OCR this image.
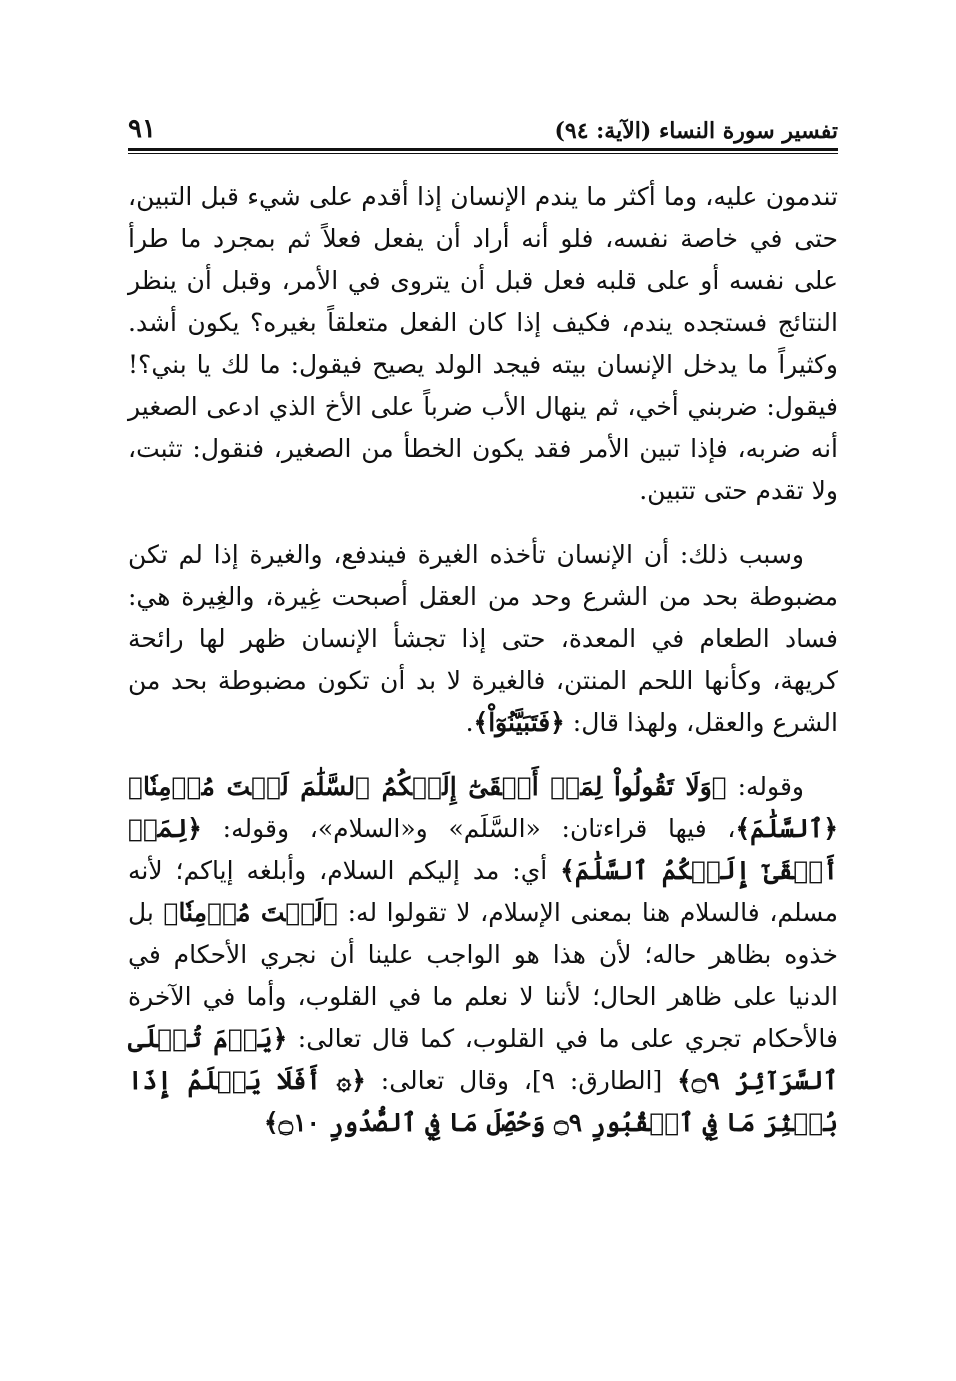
تفسير سورة النساء (الآية: ٩٤)
٩١

تندمون عليه، وما أكثر ما يندم الإنسان إذا أقدم على شيء قبل التبين، حتى في خاصة نفسه، فلو أنه أراد أن يفعل فعلاً ثم بمجرد ما طرأ على نفسه أو على قلبه فعل قبل أن يتروى في الأمر، وقبل أن ينظر النتائج فستجده يندم، فكيف إذا كان الفعل متعلقاً بغيره؟ يكون أشد. وكثيراً ما يدخل الإنسان بيته فيجد الولد يصيح فيقول: ما لك يا بني؟! فيقول: ضربني أخي، ثم ينهال الأب ضرباً على الأخ الذي ادعى الصغير أنه ضربه، فإذا تبين الأمر فقد يكون الخطأ من الصغير، فنقول: تثبت، ولا تقدم حتى تتبين.

وسبب ذلك: أن الإنسان تأخذه الغيرة فيندفع، والغيرة إذا لم تكن مضبوطة بحد من الشرع وحد من العقل أصبحت غِيرة، والغِيرة هي: فساد الطعام في المعدة، حتى إذا تجشأ الإنسان ظهر لها رائحة كريهة، وكأنها اللحم المنتن، فالغيرة لا بد أن تكون مضبوطة بحد من الشرع والعقل، ولهذا قال: ﴿فَتَبَيَّنُوٓاْ﴾.

وقوله: ﴿وَلَا تَقُولُواْ لِمَنۡ أَلۡقَىٰٓ إِلَيۡكُمُ ٱلسَّلَٰمَ لَسۡتَ مُؤۡمِنٗا﴾ ﴿ٱلسَّلَٰمَ﴾، فيها قراءتان: «السَّلَم» و«السلام»، وقوله: ﴿لِمَنۡ أَلۡقَىٰٓ إِلَيۡكُمُ ٱلسَّلَٰمَ﴾ أي: مد إليكم السلام، وأبلغه إياكم؛ لأنه مسلم، فالسلام هنا بمعنى الإسلام، لا تقولوا له: ﴿لَسۡتَ مُؤۡمِنٗا﴾ بل خذوه بظاهر حاله؛ لأن هذا هو الواجب علينا أن نجري الأحكام في الدنيا على ظاهر الحال؛ لأننا لا نعلم ما في القلوب، وأما في الآخرة فالأحكام تجري على ما في القلوب، كما قال تعالى: ﴿يَوۡمَ تُبۡلَى ٱلسَّرَآئِرُ ۝٩﴾ [الطارق: ٩]، وقال تعالى: ﴿۞ أَفَلَا يَعۡلَمُ إِذَا بُعۡثِرَ مَا فِي ٱلۡقُبُورِ ۝٩ وَحُصِّلَ مَا فِي ٱلصُّدُورِ ۝١٠﴾
